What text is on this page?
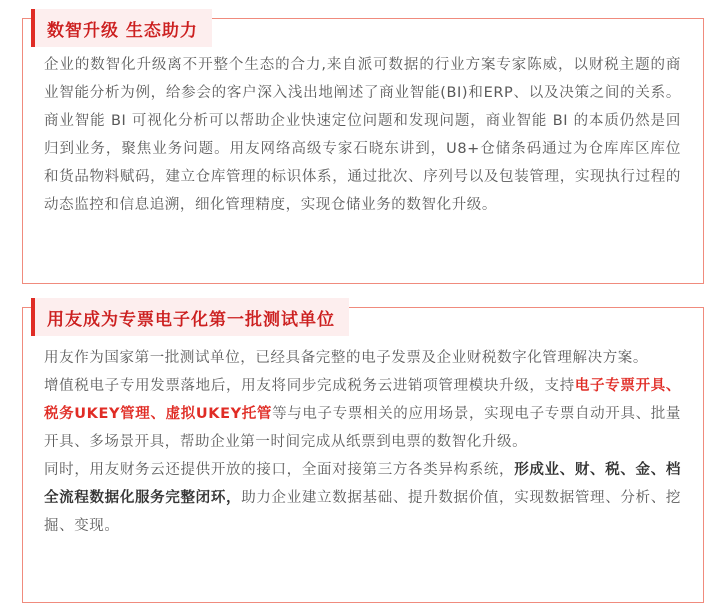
数智升级 生态助力

企业的数智化升级离不开整个生态的合力,来自派可数据的行业方案专家陈威，以财税主题的商业智能分析为例，给参会的客户深入浅出地阐述了商业智能(BI)和ERP、以及决策之间的关系。商业智能 BI 可视化分析可以帮助企业快速定位问题和发现问题，商业智能 BI 的本质仍然是回归到业务，聚焦业务问题。用友网络高级专家石晓东讲到，U8+仓储条码通过为仓库库区库位和货品物料赋码，建立仓库管理的标识体系，通过批次、序列号以及包装管理，实现执行过程的动态监控和信息追溯，细化管理精度，实现仓储业务的数智化升级。

用友成为专票电子化第一批测试单位

用友作为国家第一批测试单位，已经具备完整的电子发票及企业财税数字化管理解决方案。

增值税电子专用发票落地后，用友将同步完成税务云进销项管理模块升级，支持电子专票开具、税务UKEY管理、虚拟UKEY托管等与电子专票相关的应用场景，实现电子专票自动开具、批量开具、多场景开具，帮助企业第一时间完成从纸票到电票的数智化升级。

同时，用友财务云还提供开放的接口，全面对接第三方各类异构系统，形成业、财、税、金、档全流程数据化服务完整闭环，助力企业建立数据基础、提升数据价值，实现数据管理、分析、挖掘、变现。
